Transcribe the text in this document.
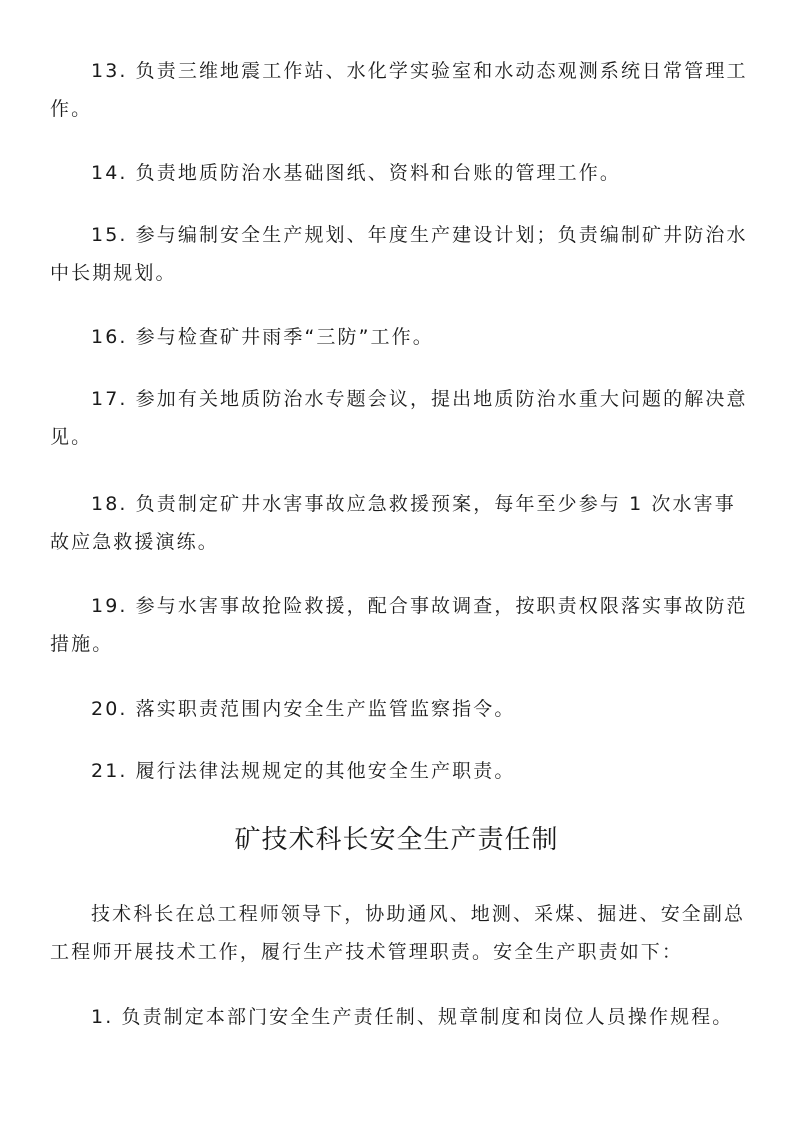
13. 负责三维地震工作站、水化学实验室和水动态观测系统日常管理工作。

14. 负责地质防治水基础图纸、资料和台账的管理工作。

15. 参与编制安全生产规划、年度生产建设计划；负责编制矿井防治水中长期规划。

16. 参与检查矿井雨季“三防”工作。

17. 参加有关地质防治水专题会议，提出地质防治水重大问题的解决意见。

18. 负责制定矿井水害事故应急救援预案，每年至少参与 1 次水害事故应急救援演练。

19. 参与水害事故抢险救援，配合事故调查，按职责权限落实事故防范措施。

20. 落实职责范围内安全生产监管监察指令。

21. 履行法律法规规定的其他安全生产职责。

矿技术科长安全生产责任制

技术科长在总工程师领导下，协助通风、地测、采煤、掘进、安全副总工程师开展技术工作，履行生产技术管理职责。安全生产职责如下：

1. 负责制定本部门安全生产责任制、规章制度和岗位人员操作规程。
